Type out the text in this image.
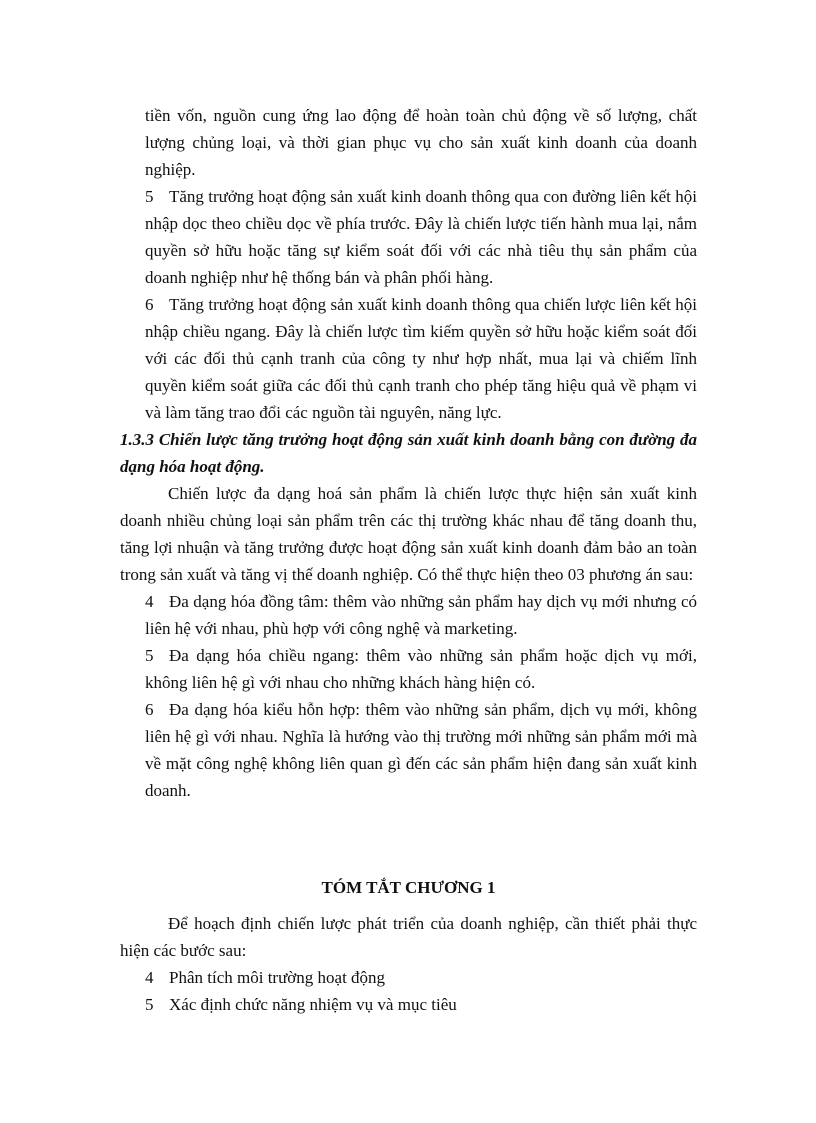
tiền vốn, nguồn cung ứng lao động để hoàn toàn chủ động về số lượng, chất lượng chủng loại, và thời gian phục vụ cho sản xuất kinh doanh của doanh nghiệp.

5 Tăng trưởng hoạt động sản xuất kinh doanh thông qua con đường liên kết hội nhập dọc theo chiều dọc về phía trước. Đây là chiến lược tiến hành mua lại, nắm quyền sở hữu hoặc tăng sự kiểm soát đối với các nhà tiêu thụ sản phẩm của doanh nghiệp như hệ thống bán và phân phối hàng.

6 Tăng trưởng hoạt động sản xuất kinh doanh thông qua chiến lược liên kết hội nhập chiều ngang. Đây là chiến lược tìm kiếm quyền sở hữu hoặc kiểm soát đối với các đối thủ cạnh tranh của công ty như hợp nhất, mua lại và chiếm lĩnh quyền kiểm soát giữa các đối thủ cạnh tranh cho phép tăng hiệu quả về phạm vi và làm tăng trao đổi các nguồn tài nguyên, năng lực.

1.3.3 Chiến lược tăng trưởng hoạt động sản xuất kinh doanh bằng con đường đa dạng hóa hoạt động.

Chiến lược đa dạng hoá sản phẩm là chiến lược thực hiện sản xuất kinh doanh nhiều chủng loại sản phẩm trên các thị trường khác nhau để tăng doanh thu, tăng lợi nhuận và tăng trưởng được hoạt động sản xuất kinh doanh đảm bảo an toàn trong sản xuất và tăng vị thế doanh nghiệp. Có thể thực hiện theo 03 phương án sau:

4 Đa dạng hóa đồng tâm: thêm vào những sản phẩm hay dịch vụ mới nhưng có liên hệ với nhau, phù hợp với công nghệ và marketing.

5 Đa dạng hóa chiều ngang: thêm vào những sản phẩm hoặc dịch vụ mới, không liên hệ gì với nhau cho những khách hàng hiện có.

6 Đa dạng hóa kiểu hỗn hợp: thêm vào những sản phẩm, dịch vụ mới, không liên hệ gì với nhau. Nghĩa là hướng vào thị trường mới những sản phẩm mới mà về mặt công nghệ không liên quan gì đến các sản phẩm hiện đang sản xuất kinh doanh.

TÓM TẮT CHƯƠNG 1

Để hoạch định chiến lược phát triển của doanh nghiệp, cần thiết phải thực hiện các bước sau:

4 Phân tích môi trường hoạt động

5 Xác định chức năng nhiệm vụ và mục tiêu
